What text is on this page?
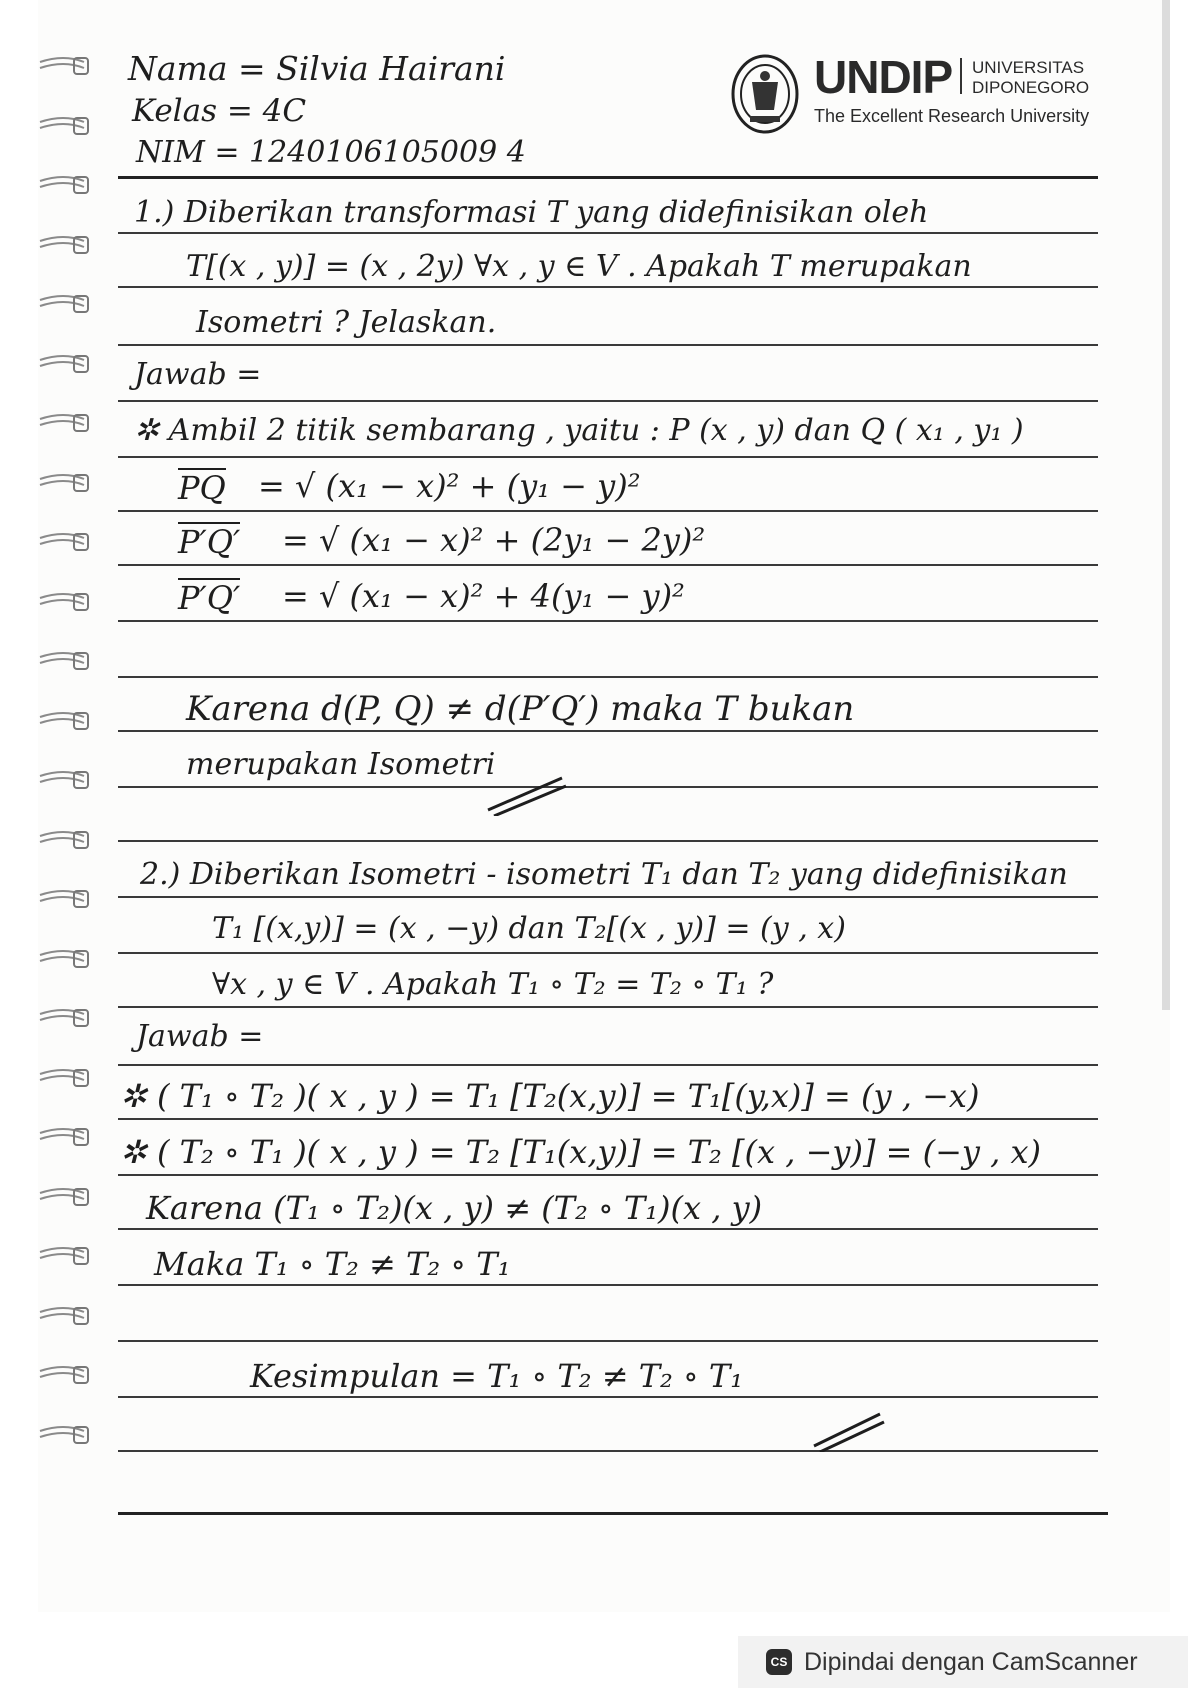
Nama = Silvia Hairani
Kelas = 4C
NIM = 1240106105009 4
UNDIP UNIVERSITAS
DIPONEGORO
The Excellent Research University
1.) Diberikan transformasi T yang didefinisikan oleh
T[(x , y)] = (x , 2y) ∀x , y ∈ V . Apakah T merupakan
Isometri ? Jelaskan.
Jawab =
✲ Ambil 2 titik sembarang , yaitu : P (x , y) dan Q ( x₁ , y₁ )
PQ = √ (x₁ − x)² + (y₁ − y)²
P′Q′ = √ (x₁ − x)² + (2y₁ − 2y)²
P′Q′ = √ (x₁ − x)² + 4(y₁ − y)²
Karena d(P, Q) ≠ d(P′Q′) maka T bukan
merupakan Isometri
2.) Diberikan Isometri - isometri T₁ dan T₂ yang didefinisikan
T₁ [(x,y)] = (x , −y) dan T₂[(x , y)] = (y , x)
∀x , y ∈ V . Apakah T₁ ∘ T₂ = T₂ ∘ T₁ ?
Jawab =
✲ ( T₁ ∘ T₂ )( x , y ) = T₁ [T₂(x,y)] = T₁[(y,x)] = (y , −x)
✲ ( T₂ ∘ T₁ )( x , y ) = T₂ [T₁(x,y)] = T₂ [(x , −y)] = (−y , x)
Karena (T₁ ∘ T₂)(x , y) ≠ (T₂ ∘ T₁)(x , y)
Maka T₁ ∘ T₂ ≠ T₂ ∘ T₁
Kesimpulan = T₁ ∘ T₂ ≠ T₂ ∘ T₁
CS Dipindai dengan CamScanner
